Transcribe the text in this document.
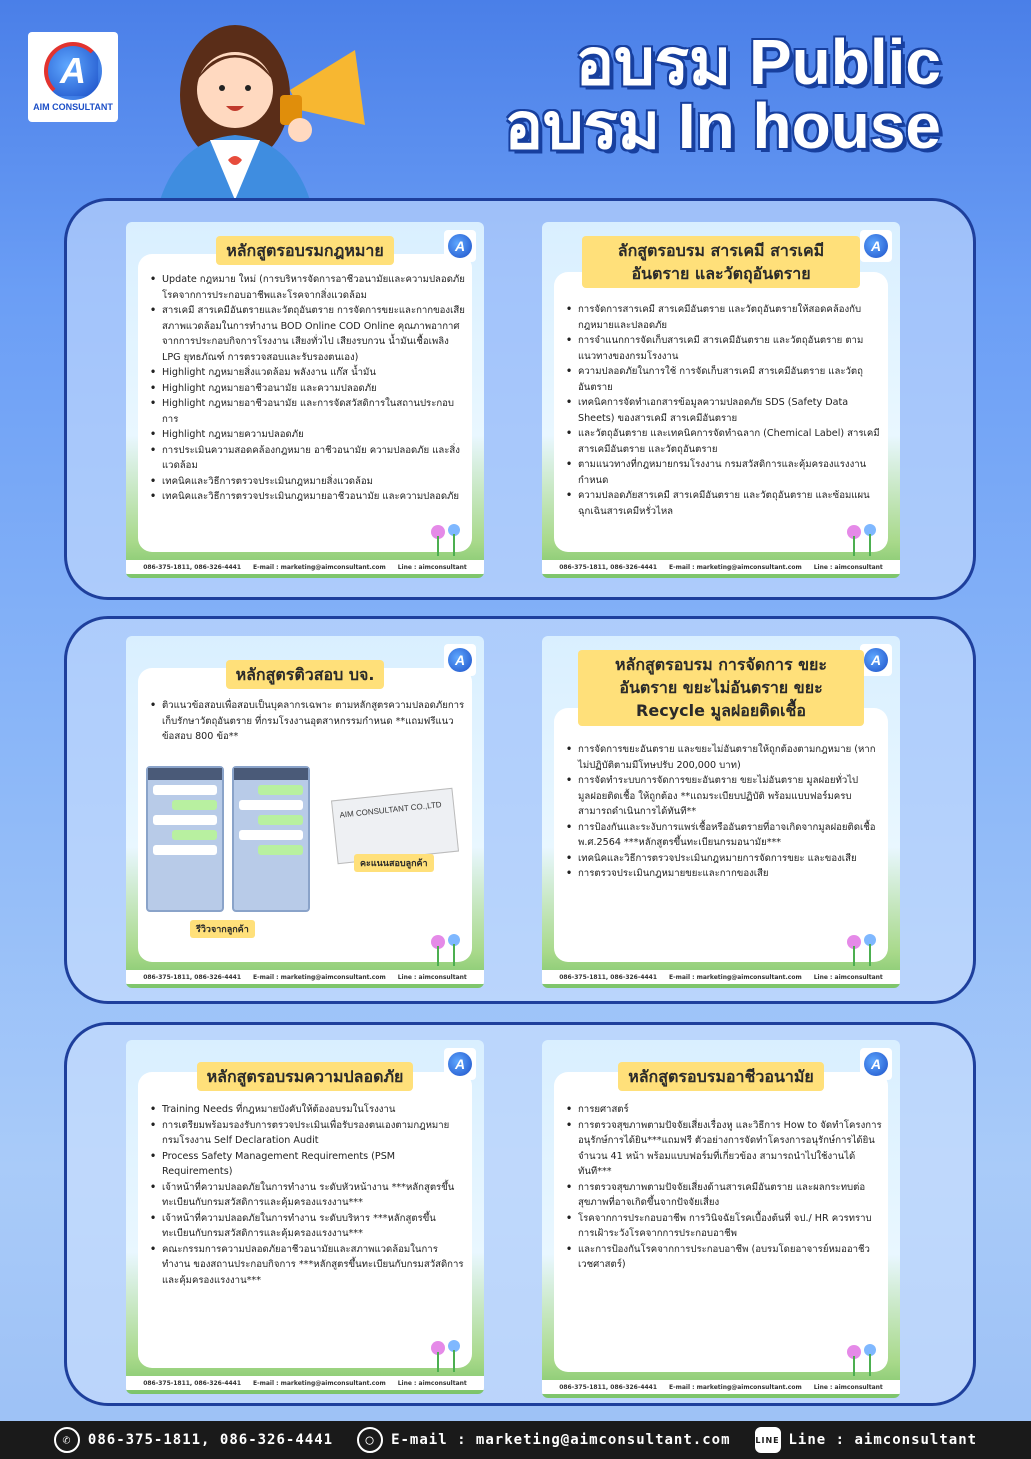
A
AIM CONSULTANT
อบรม Public
อบรม In house
A
หลักสูตรอบรมกฎหมาย
• Update กฎหมาย ใหม่ (การบริหารจัดการอาชีวอนามัยและความปลอดภัย โรคจากการประกอบอาชีพและโรคจากสิ่งแวดล้อม
• สารเคมี สารเคมีอันตรายและวัตถุอันตราย การจัดการขยะและกากของเสีย สภาพแวดล้อมในการทำงาน BOD Online COD Online คุณภาพอากาศจากการประกอบกิจการโรงงาน เสียงทั่วไป เสียงรบกวน น้ำมันเชื้อเพลิง LPG ยุทธภัณฑ์ การตรวจสอบและรับรองตนเอง)
• Highlight กฎหมายสิ่งแวดล้อม พลังงาน แก๊ส น้ำมัน
• Highlight กฎหมายอาชีวอนามัย และความปลอดภัย
• Highlight กฎหมายอาชีวอนามัย และการจัดสวัสดิการในสถานประกอบการ
• Highlight กฎหมายความปลอดภัย
• การประเมินความสอดคล้องกฎหมาย อาชีวอนามัย ความปลอดภัย และสิ่งแวดล้อม
• เทคนิคและวิธีการตรวจประเมินกฎหมายสิ่งแวดล้อม
• เทคนิคและวิธีการตรวจประเมินกฎหมายอาชีวอนามัย และความปลอดภัย
086-375-1811, 086-326-4441 E-mail : marketing@aimconsultant.com Line : aimconsultant
A
ลักสูตรอบรม สารเคมี สารเคมี อันตราย และวัตถุอันตราย
• การจัดการสารเคมี สารเคมีอันตราย และวัตถุอันตรายให้สอดคล้องกับกฎหมายและปลอดภัย
• การจำแนกการจัดเก็บสารเคมี สารเคมีอันตราย และวัตถุอันตราย ตามแนวทางของกรมโรงงาน
• ความปลอดภัยในการใช้ การจัดเก็บสารเคมี สารเคมีอันตราย และวัตถุอันตราย
• เทคนิคการจัดทำเอกสารข้อมูลความปลอดภัย SDS (Safety Data Sheets) ของสารเคมี สารเคมีอันตราย
• และวัตถุอันตราย และเทคนิคการจัดทำฉลาก (Chemical Label) สารเคมี สารเคมีอันตราย และวัตถุอันตราย
• ตามแนวทางที่กฎหมายกรมโรงงาน กรมสวัสดิการและคุ้มครองแรงงานกำหนด
• ความปลอดภัยสารเคมี สารเคมีอันตราย และวัตถุอันตราย และซ้อมแผนฉุกเฉินสารเคมีหรั่วไหล
086-375-1811, 086-326-4441 E-mail : marketing@aimconsultant.com Line : aimconsultant
A
หลักสูตรติวสอบ บจ.
• ติวแนวข้อสอบเพื่อสอบเป็นบุคลากรเฉพาะ ตามหลักสูตรความปลอดภัยการเก็บรักษาวัตถุอันตราย ที่กรมโรงงานอุตสาหกรรมกำหนด **แถมฟรีแนวข้อสอบ 800 ข้อ**
AIM CONSULTANT CO.,LTD
รีวิวจากลูกค้า
คะแนนสอบลูกค้า
086-375-1811, 086-326-4441 E-mail : marketing@aimconsultant.com Line : aimconsultant
A
หลักสูตรอบรม การจัดการ ขยะอันตราย ขยะไม่อันตราย ขยะ Recycle มูลฝอยติดเชื้อ
• การจัดการขยะอันตราย และขยะไม่อันตรายให้ถูกต้องตามกฎหมาย (หากไม่ปฏิบัติตามมีโทษปรับ 200,000 บาท)
• การจัดทำระบบการจัดการขยะอันตราย ขยะไม่อันตราย มูลฝอยทั่วไป มูลฝอยติดเชื้อ ให้ถูกต้อง **แถมระเบียบปฏิบัติ พร้อมแบบฟอร์มครบ สามารถดำเนินการได้ทันที**
• การป้องกันและระงับการแพร่เชื้อหรืออันตรายที่อาจเกิดจากมูลฝอยติดเชื้อ พ.ศ.2564 ***หลักสูตรขึ้นทะเบียนกรมอนามัย***
• เทคนิคและวิธีการตรวจประเมินกฎหมายการจัดการขยะ และของเสีย
• การตรวจประเมินกฎหมายขยะและกากของเสีย
086-375-1811, 086-326-4441 E-mail : marketing@aimconsultant.com Line : aimconsultant
A
หลักสูตรอบรมความปลอดภัย
• Training Needs ที่กฎหมายบังคับให้ต้องอบรมในโรงงาน
• การเตรียมพร้อมรองรับการตรวจประเมินเพื่อรับรองตนเองตามกฎหมายกรมโรงงาน Self Declaration Audit
• Process Safety Management Requirements (PSM Requirements)
• เจ้าหน้าที่ความปลอดภัยในการทำงาน ระดับหัวหน้างาน ***หลักสูตรขึ้นทะเบียนกับกรมสวัสดิการและคุ้มครองแรงงาน***
• เจ้าหน้าที่ความปลอดภัยในการทำงาน ระดับบริหาร ***หลักสูตรขึ้นทะเบียนกับกรมสวัสดิการและคุ้มครองแรงงาน***
• คณะกรรมการความปลอดภัยอาชีวอนามัยและสภาพแวดล้อมในการทำงาน ของสถานประกอบกิจการ ***หลักสูตรขึ้นทะเบียนกับกรมสวัสดิการและคุ้มครองแรงงาน***
086-375-1811, 086-326-4441 E-mail : marketing@aimconsultant.com Line : aimconsultant
A
หลักสูตรอบรมอาชีวอนามัย
• การยศาสตร์
• การตรวจสุขภาพตามปัจจัยเสี่ยงเรื่องหู และวิธีการ How to จัดทำโครงการอนุรักษ์การได้ยิน***แถมฟรี ตัวอย่างการจัดทำโครงการอนุรักษ์การได้ยิน จำนวน 41 หน้า พร้อมแบบฟอร์มที่เกี่ยวข้อง สามารถนำไปใช้งานได้ทันที***
• การตรวจสุขภาพตามปัจจัยเสี่ยงด้านสารเคมีอันตราย และผลกระทบต่อสุขภาพที่อาจเกิดขึ้นจากปัจจัยเสี่ยง
• โรคจากการประกอบอาชีพ การวินิจฉัยโรคเบื้องต้นที่ จป./ HR ควรทราบ การเฝ้าระวังโรคจากการประกอบอาชีพ
• และการป้องกันโรคจากการประกอบอาชีพ (อบรมโดยอาจารย์หมออาชีวเวชศาสตร์)
086-375-1811, 086-326-4441 E-mail : marketing@aimconsultant.com Line : aimconsultant
✆	086-375-1811, 086-326-4441	◯	E-mail : marketing@aimconsultant.com	LINE Line : aimconsultant
